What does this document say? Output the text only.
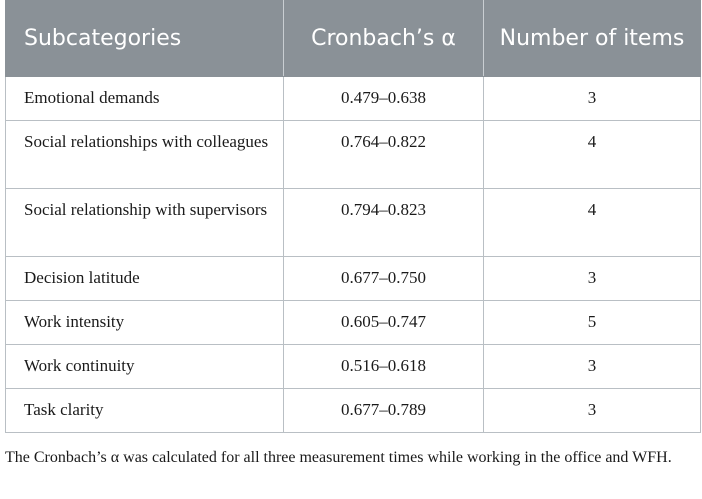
Subcategories	Cronbach’s α	Number of items
Emotional demands	0.479–0.638	3
Social relationships with colleagues	0.764–0.822	4
Social relationship with supervisors	0.794–0.823	4
Decision latitude	0.677–0.750	3
Work intensity	0.605–0.747	5
Work continuity	0.516–0.618	3
Task clarity	0.677–0.789	3

The Cronbach’s α was calculated for all three measurement times while working in the office and WFH.
